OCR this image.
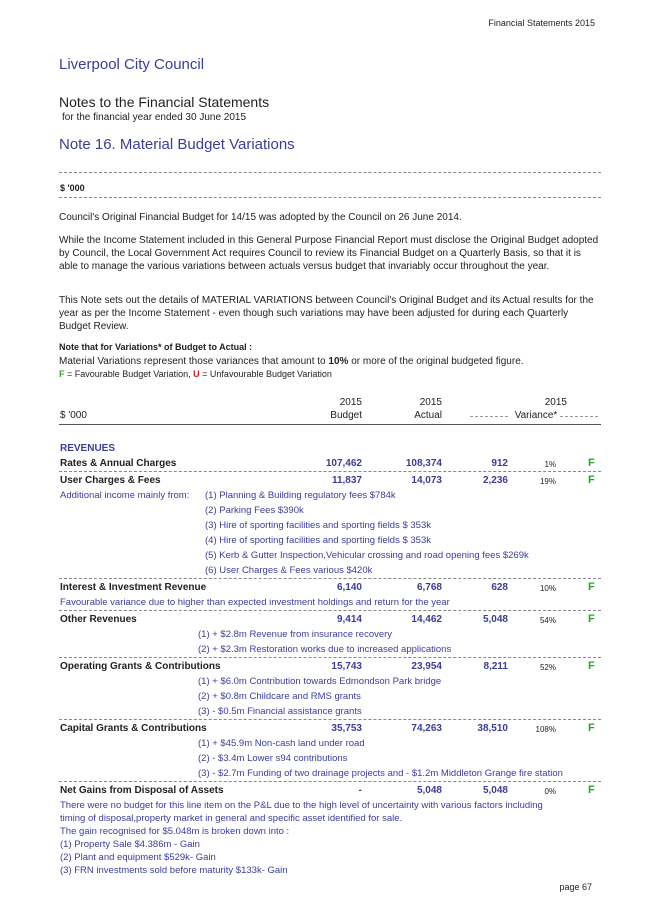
Financial Statements 2015
Liverpool City Council
Notes to the Financial Statements
for the financial year ended 30 June 2015
Note 16. Material Budget Variations
$ '000
Council's Original Financial Budget for 14/15 was adopted by the Council on 26 June 2014.
While the Income Statement included in this General Purpose Financial Report must disclose the Original Budget adopted by Council, the Local Government Act requires Council to review its Financial Budget on a Quarterly Basis, so that it is able to manage the various variations between actuals versus budget that invariably occur throughout the year.
This Note sets out the details of MATERIAL VARIATIONS between Council's Original Budget and its Actual results for the year as per the Income Statement - even though such variations may have been adjusted for during each Quarterly Budget Review.
Note that for Variations* of Budget to Actual :
Material Variations represent those variances that amount to 10% or more of the original budgeted figure.
F = Favourable Budget Variation, U = Unfavourable Budget Variation
2015	2015	2015
$ '000	Budget	Actual	Variance*
REVENUES
Rates & Annual Charges	107,462	108,374	912	1%	F
User Charges & Fees	11,837	14,073	2,236	19%	F
Additional income mainly from: (1) Planning & Building regulatory fees $784k
(2) Parking Fees $390k
(3) Hire of sporting facilities and sporting fields $ 353k
(4) Hire of sporting facilities and sporting fields $ 353k
(5) Kerb & Gutter Inspection,Vehicular crossing and road opening fees $269k
(6) User Charges & Fees various $420k
Interest & Investment Revenue	6,140	6,768	628	10%	F
Favourable variance due to higher than expected investment holdings and return for the year
Other Revenues	9,414	14,462	5,048	54%	F
(1) + $2.8m Revenue from insurance recovery
(2) + $2.3m Restoration works due to increased applications
Operating Grants & Contributions	15,743	23,954	8,211	52%	F
(1) + $6.0m Contribution towards Edmondson Park bridge
(2) + $0.8m Childcare and RMS grants
(3) - $0.5m Financial assistance grants
Capital Grants & Contributions	35,753	74,263	38,510	108%	F
(1) + $45.9m Non-cash land under road
(2) - $3.4m Lower s94 contributions
(3) - $2.7m Funding of two drainage projects and - $1.2m Middleton Grange fire station
Net Gains from Disposal of Assets	-	5,048	5,048	0%	F
There were no budget for this line item on the P&L due to the high level of uncertainty with various factors including
timing of disposal,property market in general and specific asset identified for sale.
The gain recognised for $5.048m is broken down into :
(1) Property Sale $4.386m - Gain
(2) Plant and equipment $529k- Gain
(3) FRN investments sold before maturity $133k- Gain
page 67
